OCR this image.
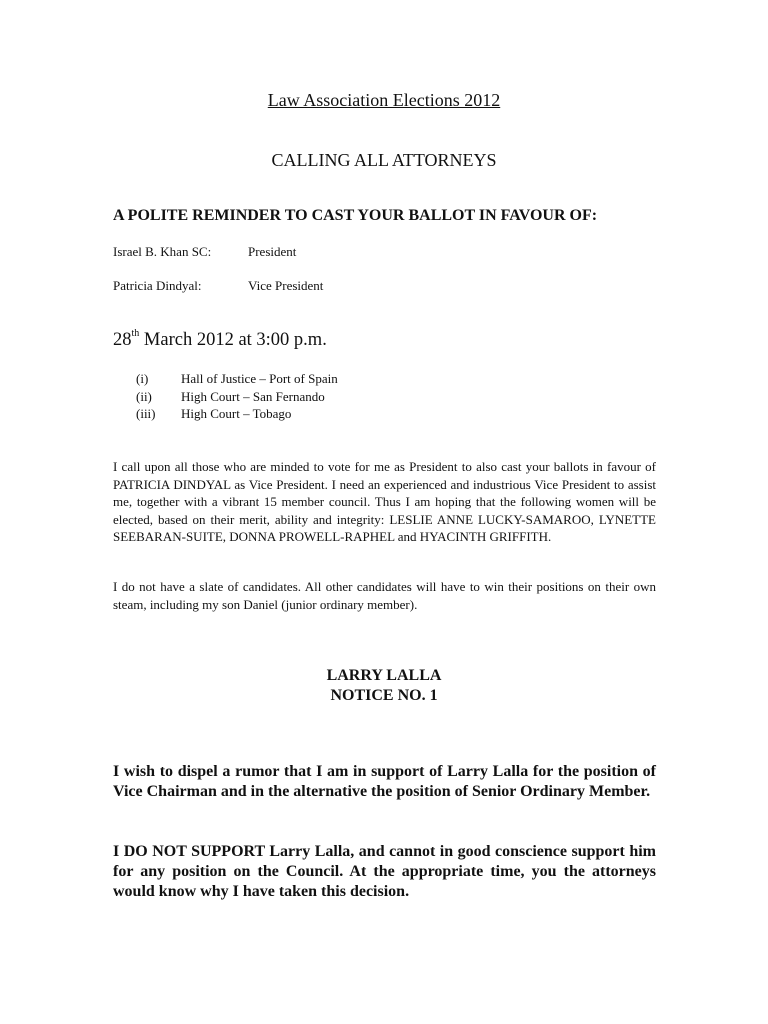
Law Association Elections 2012
CALLING ALL ATTORNEYS
A POLITE REMINDER TO CAST YOUR BALLOT IN FAVOUR OF:
Israel B. Khan SC:	President
Patricia Dindyal:	Vice President
28th March 2012 at 3:00 p.m.
(i)	Hall of Justice – Port of Spain
(ii) High Court – San Fernando
(iii) High Court – Tobago

I call upon all those who are minded to vote for me as President to also cast your ballots in favour of PATRICIA DINDYAL as Vice President. I need an experienced and industrious Vice President to assist me, together with a vibrant 15 member council. Thus I am hoping that the following women will be elected, based on their merit, ability and integrity: LESLIE ANNE LUCKY-SAMAROO, LYNETTE SEEBARAN-SUITE, DONNA PROWELL-RAPHEL and HYACINTH GRIFFITH.

I do not have a slate of candidates. All other candidates will have to win their positions on their own steam, including my son Daniel (junior ordinary member).

LARRY LALLA
NOTICE NO. 1

I wish to dispel a rumor that I am in support of Larry Lalla for the position of Vice Chairman and in the alternative the position of Senior Ordinary Member.

I DO NOT SUPPORT Larry Lalla, and cannot in good conscience support him for any position on the Council. At the appropriate time, you the attorneys would know why I have taken this decision.
